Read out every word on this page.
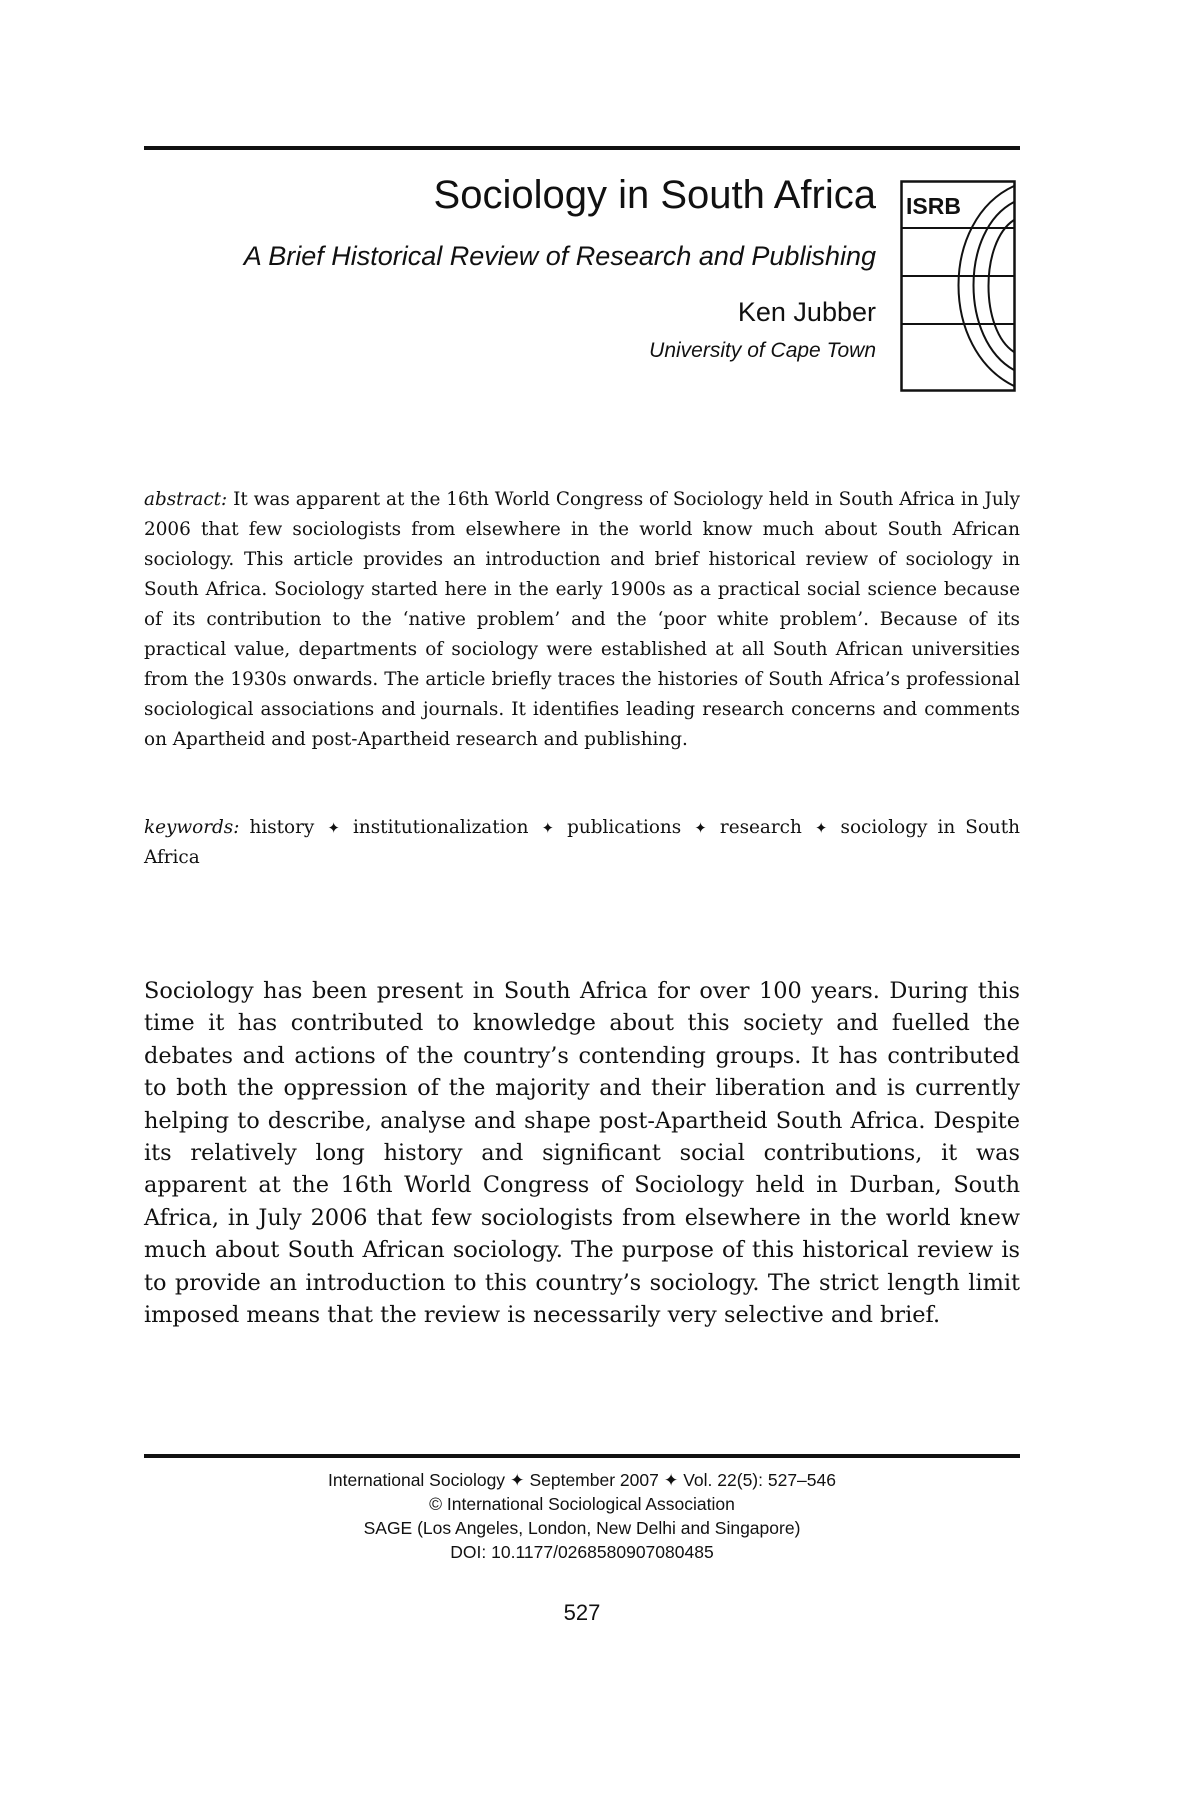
Sociology in South Africa
A Brief Historical Review of Research and Publishing
Ken Jubber
University of Cape Town
ISRB

abstract: It was apparent at the 16th World Congress of Sociology held in South Africa in July 2006 that few sociologists from elsewhere in the world know much about South African sociology. This article provides an introduction and brief historical review of sociology in South Africa. Sociology started here in the early 1900s as a practical social science because of its contribution to the ‘native problem’ and the ‘poor white problem’. Because of its practical value, departments of sociology were established at all South African universities from the 1930s onwards. The article briefly traces the histories of South Africa’s professional sociological associations and journals. It identifies leading research concerns and comments on Apartheid and post-Apartheid research and publishing.

keywords: history ✦ institutionalization ✦ publications ✦ research ✦ sociology in South Africa

Sociology has been present in South Africa for over 100 years. During this time it has contributed to knowledge about this society and fuelled the debates and actions of the country’s contending groups. It has contributed to both the oppression of the majority and their liberation and is currently helping to describe, analyse and shape post-Apartheid South Africa. Despite its relatively long history and significant social contributions, it was apparent at the 16th World Congress of Sociology held in Durban, South Africa, in July 2006 that few sociologists from elsewhere in the world knew much about South African sociology. The purpose of this historical review is to provide an introduction to this country’s sociology. The strict length limit imposed means that the review is necessarily very selective and brief.

International Sociology ✦ September 2007 ✦ Vol. 22(5): 527–546
© International Sociological Association
SAGE (Los Angeles, London, New Delhi and Singapore)
DOI: 10.1177/0268580907080485
527
